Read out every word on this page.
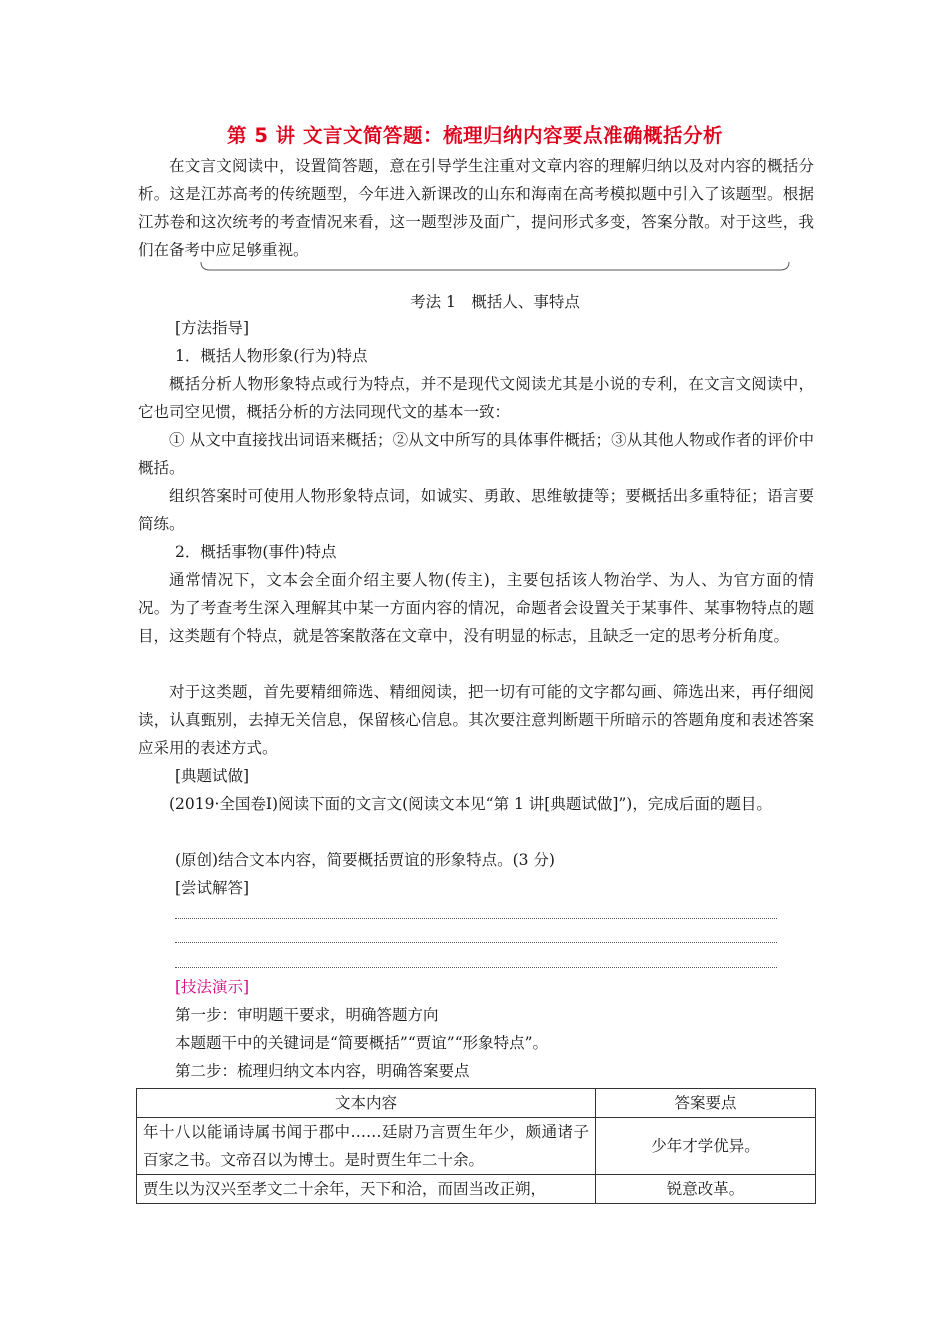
第 5 讲 文言文简答题：梳理归纳内容要点准确概括分析
在文言文阅读中，设置简答题，意在引导学生注重对文章内容的理解归纳以及对内容的概括分析。这是江苏高考的传统题型，今年进入新课改的山东和海南在高考模拟题中引入了该题型。根据江苏卷和这次统考的考查情况来看，这一题型涉及面广，提问形式多变，答案分散。对于这些，我们在备考中应足够重视。
考法 1　概括人、事特点
[方法指导]
1．概括人物形象(行为)特点
概括分析人物形象特点或行为特点，并不是现代文阅读尤其是小说的专利，在文言文阅读中，它也司空见惯，概括分析的方法同现代文的基本一致：
① 从文中直接找出词语来概括；②从文中所写的具体事件概括；③从其他人物或作者的评价中概括。
组织答案时可使用人物形象特点词，如诚实、勇敢、思维敏捷等；要概括出多重特征；语言要简练。
2．概括事物(事件)特点
通常情况下，文本会全面介绍主要人物(传主)，主要包括该人物治学、为人、为官方面的情况。为了考查考生深入理解其中某一方面内容的情况，命题者会设置关于某事件、某事物特点的题目，这类题有个特点，就是答案散落在文章中，没有明显的标志，且缺乏一定的思考分析角度。
对于这类题，首先要精细筛选、精细阅读，把一切有可能的文字都勾画、筛选出来，再仔细阅读，认真甄别，去掉无关信息，保留核心信息。其次要注意判断题干所暗示的答题角度和表述答案应采用的表述方式。
[典题试做]
(2019·全国卷Ⅰ)阅读下面的文言文(阅读文本见“第 1 讲[典题试做]”)，完成后面的题目。
(原创)结合文本内容，简要概括贾谊的形象特点。(3 分)
[尝试解答]
[技法演示]
第一步：审明题干要求，明确答题方向
本题题干中的关键词是“简要概括”“贾谊”“形象特点”。
第二步：梳理归纳文本内容，明确答案要点
文本内容	答案要点
年十八以能诵诗属书闻于郡中……廷尉乃言贾生年少，颇通诸子百家之书。文帝召以为博士。是时贾生年二十余。	少年才学优异。
贾生以为汉兴至孝文二十余年，天下和洽，而固当改正朔，	锐意改革。
